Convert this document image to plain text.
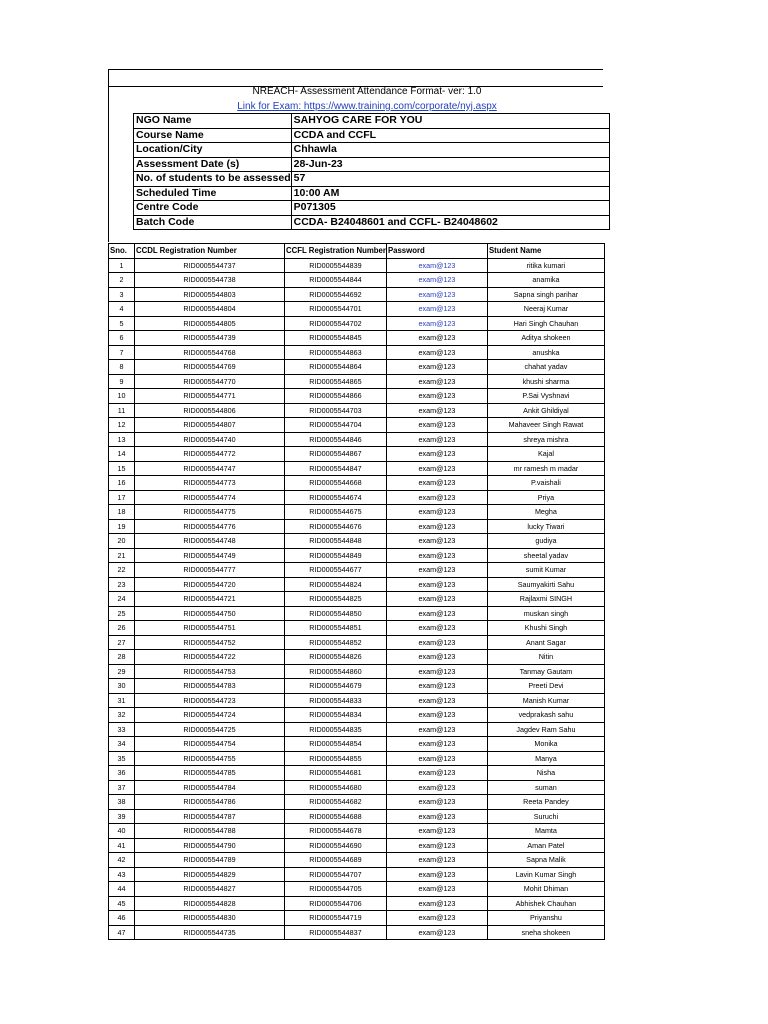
NREACH- Assessment Attendance Format- ver: 1.0
Link for Exam: https://www.training.com/corporate/nyj.aspx
NGO Name	SAHYOG CARE FOR YOU
Course Name	CCDA and CCFL
Location/City	Chhawla
Assessment Date (s)	28-Jun-23
No. of students to be assessed	57
Scheduled Time	10:00 AM
Centre Code	P071305
Batch Code	CCDA- B24048601 and CCFL- B24048602
Sno.	CCDL Registration Number	CCFL Registration Number	Password	Student Name
1	RID0005544737	RID0005544839	exam@123	ritika kumari
2	RID0005544738	RID0005544844	exam@123	anamika
3	RID0005544803	RID0005544692	exam@123	Sapna singh parihar
4	RID0005544804	RID0005544701	exam@123	Neeraj Kumar
5	RID0005544805	RID0005544702	exam@123	Hari Singh Chauhan
6	RID0005544739	RID0005544845	exam@123	Aditya shokeen
7	RID0005544768	RID0005544863	exam@123	anushka
8	RID0005544769	RID0005544864	exam@123	chahat yadav
9	RID0005544770	RID0005544865	exam@123	khushi sharma
10	RID0005544771	RID0005544866	exam@123	P.Sai Vyshnavi
11	RID0005544806	RID0005544703	exam@123	Ankit Ghildiyal
12	RID0005544807	RID0005544704	exam@123	Mahaveer Singh Rawat
13	RID0005544740	RID0005544846	exam@123	shreya mishra
14	RID0005544772	RID0005544867	exam@123	Kajal
15	RID0005544747	RID0005544847	exam@123	mr ramesh m madar
16	RID0005544773	RID0005544668	exam@123	P.vaishali
17	RID0005544774	RID0005544674	exam@123	Priya
18	RID0005544775	RID0005544675	exam@123	Megha
19	RID0005544776	RID0005544676	exam@123	lucky Tiwari
20	RID0005544748	RID0005544848	exam@123	gudiya
21	RID0005544749	RID0005544849	exam@123	sheetal yadav
22	RID0005544777	RID0005544677	exam@123	sumit Kumar
23	RID0005544720	RID0005544824	exam@123	Saumyakirti Sahu
24	RID0005544721	RID0005544825	exam@123	Rajlaxmi SINGH
25	RID0005544750	RID0005544850	exam@123	muskan singh
26	RID0005544751	RID0005544851	exam@123	Khushi Singh
27	RID0005544752	RID0005544852	exam@123	Anant Sagar
28	RID0005544722	RID0005544826	exam@123	Nitin
29	RID0005544753	RID0005544860	exam@123	Tanmay Gautam
30	RID0005544783	RID0005544679	exam@123	Preeti Devi
31	RID0005544723	RID0005544833	exam@123	Manish Kumar
32	RID0005544724	RID0005544834	exam@123	vedprakash sahu
33	RID0005544725	RID0005544835	exam@123	Jagdev Ram Sahu
34	RID0005544754	RID0005544854	exam@123	Monika
35	RID0005544755	RID0005544855	exam@123	Manya
36	RID0005544785	RID0005544681	exam@123	Nisha
37	RID0005544784	RID0005544680	exam@123	suman
38	RID0005544786	RID0005544682	exam@123	Reeta Pandey
39	RID0005544787	RID0005544688	exam@123	Suruchi
40	RID0005544788	RID0005544678	exam@123	Mamta
41	RID0005544790	RID0005544690	exam@123	Aman Patel
42	RID0005544789	RID0005544689	exam@123	Sapna Malik
43	RID0005544829	RID0005544707	exam@123	Lavin Kumar Singh
44	RID0005544827	RID0005544705	exam@123	Mohit Dhiman
45	RID0005544828	RID0005544706	exam@123	Abhishek Chauhan
46	RID0005544830	RID0005544719	exam@123	Priyanshu
47	RID0005544735	RID0005544837	exam@123	sneha shokeen
